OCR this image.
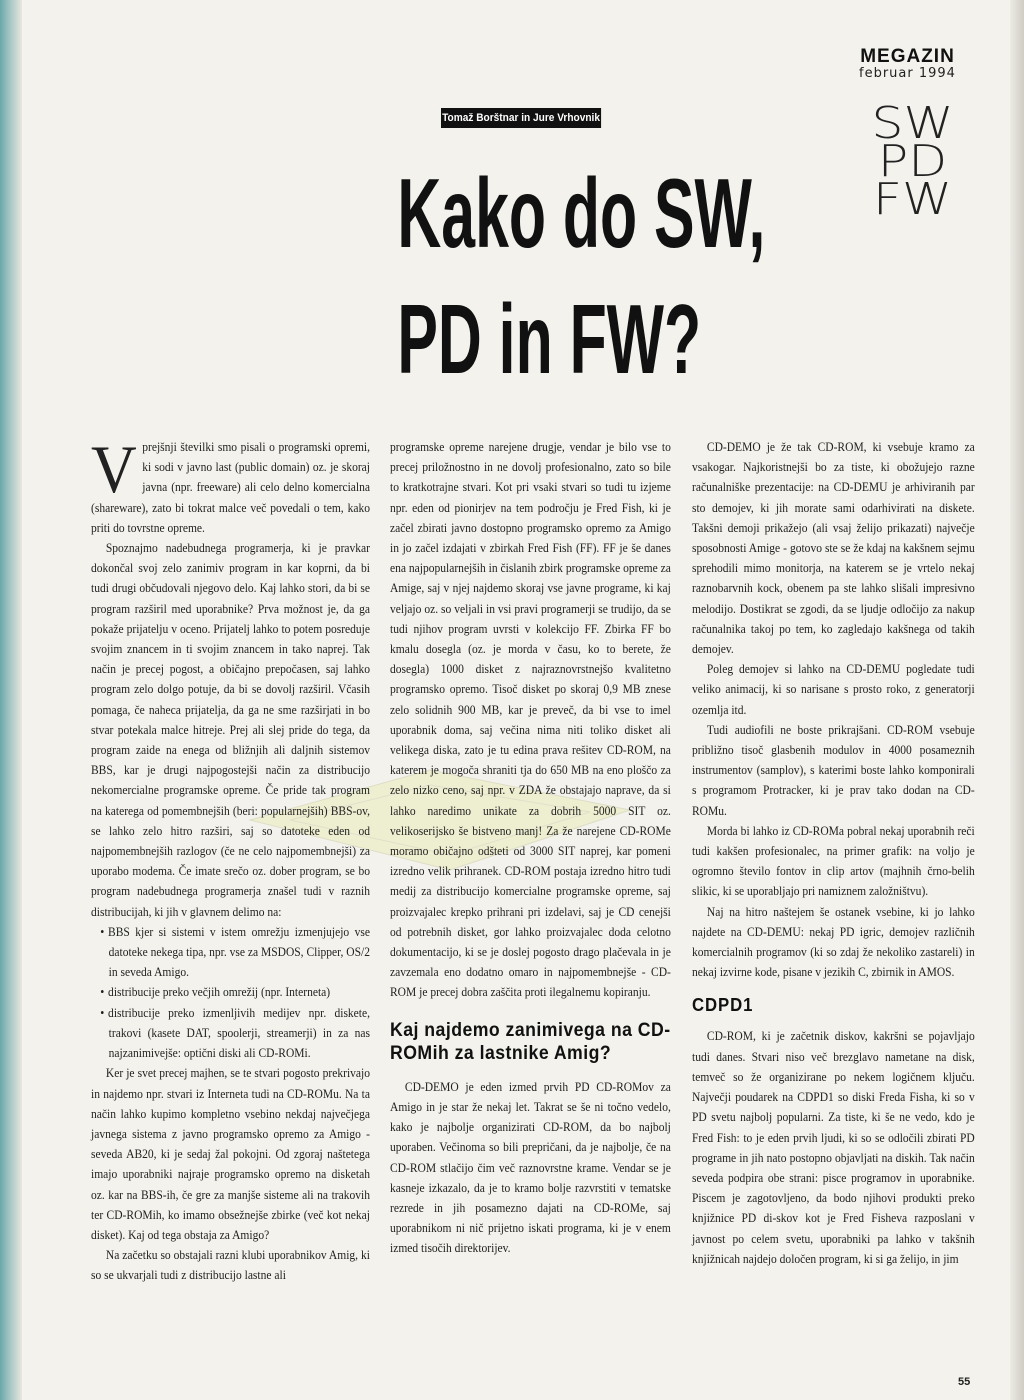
MEGAZIN
februar 1994
Tomaž Borštnar in Jure Vrhovnik
Kako do SW,
PD in FW?
SW
PD
FW

Vprejšnji številki smo pisali o programski opremi, ki sodi v javno last (public domain) oz. je skoraj javna (npr. freeware) ali celo delno komercialna (shareware), zato bi tokrat malce več povedali o tem, kako priti do tovrstne opreme.

Spoznajmo nadebudnega programerja, ki je pravkar dokončal svoj zelo zanimiv program in kar koprni, da bi tudi drugi občudovali njegovo delo. Kaj lahko stori, da bi se program razširil med uporabnike? Prva možnost je, da ga pokaže prijatelju v oceno. Prijatelj lahko to potem posreduje svojim znancem in ti svojim znancem in tako naprej. Tak način je precej pogost, a običajno prepočasen, saj lahko program zelo dolgo potuje, da bi se dovolj razširil. Včasih pomaga, če naheca prijatelja, da ga ne sme razširjati in bo stvar potekala malce hitreje. Prej ali slej pride do tega, da program zaide na enega od bližnjih ali daljnih sistemov BBS, kar je drugi najpogostejši način za distribucijo nekomercialne programske opreme. Če pride tak program na katerega od pomembnejših (beri: popularnejših) BBS-ov, se lahko zelo hitro razširi, saj so datoteke eden od najpomembnejših razlogov (če ne celo najpomembnejši) za uporabo modema. Če imate srečo oz. dober program, se bo program nadebudnega programerja znašel tudi v raznih distribucijah, ki jih v glavnem delimo na:

• BBS kjer si sistemi v istem omrežju izmenjujejo vse datoteke nekega tipa, npr. vse za MSDOS, Clipper, OS/2 in seveda Amigo.
• distribucije preko večjih omrežij (npr. Interneta)
• distribucije preko izmenljivih medijev npr. diskete, trakovi (kasete DAT, spoolerji, streamerji) in za nas najzanimivejše: optični diski ali CD-ROMi.

Ker je svet precej majhen, se te stvari pogosto prekrivajo in najdemo npr. stvari iz Interneta tudi na CD-ROMu. Na ta način lahko kupimo kompletno vsebino nekdaj največjega javnega sistema z javno programsko opremo za Amigo - seveda AB20, ki je sedaj žal pokojni. Od zgoraj naštetega imajo uporabniki najraje programsko opremo na disketah oz. kar na BBS-ih, če gre za manjše sisteme ali na trakovih ter CD-ROMih, ko imamo obsežnejše zbirke (več kot nekaj disket). Kaj od tega obstaja za Amigo?

Na začetku so obstajali razni klubi uporabnikov Amig, ki so se ukvarjali tudi z distribucijo lastne ali

programske opreme narejene drugje, vendar je bilo vse to precej priložnostno in ne dovolj profesionalno, zato so bile to kratkotrajne stvari. Kot pri vsaki stvari so tudi tu izjeme npr. eden od pionirjev na tem področju je Fred Fish, ki je začel zbirati javno dostopno programsko opremo za Amigo in jo začel izdajati v zbirkah Fred Fish (FF). FF je še danes ena najpopularnejših in čislanih zbirk programske opreme za Amige, saj v njej najdemo skoraj vse javne programe, ki kaj veljajo oz. so veljali in vsi pravi programerji se trudijo, da se tudi njihov program uvrsti v kolekcijo FF. Zbirka FF bo kmalu dosegla (oz. je morda v času, ko to berete, že dosegla) 1000 disket z najraznovrstnejšo kvalitetno programsko opremo. Tisoč disket po skoraj 0,9 MB znese zelo solidnih 900 MB, kar je preveč, da bi vse to imel uporabnik doma, saj večina nima niti toliko disket ali velikega diska, zato je tu edina prava rešitev CD-ROM, na katerem je mogoča shraniti tja do 650 MB na eno ploščo za zelo nizko ceno, saj npr. v ZDA že obstajajo naprave, da si lahko naredimo unikate za dobrih 5000 SIT oz. velikoserijsko še bistveno manj! Za že narejene CD-ROMe moramo običajno odšteti od 3000 SIT naprej, kar pomeni izredno velik prihranek. CD-ROM postaja izredno hitro tudi medij za distribucijo komercialne programske opreme, saj proizvajalec krepko prihrani pri izdelavi, saj je CD cenejši od potrebnih disket, gor lahko proizvajalec doda celotno dokumentacijo, ki se je doslej pogosto drago plačevala in je zavzemala eno dodatno omaro in najpomembnejše - CD-ROM je precej dobra zaščita proti ilegalnemu kopiranju.

Kaj najdemo zanimivega na CD-ROMih za lastnike Amig?

CD-DEMO je eden izmed prvih PD CD-ROMov za Amigo in je star že nekaj let. Takrat se še ni točno vedelo, kako je najbolje organizirati CD-ROM, da bo najbolj uporaben. Večinoma so bili prepričani, da je najbolje, če na CD-ROM stlačijo čim več raznovrstne krame. Vendar se je kasneje izkazalo, da je to kramo bolje razvrstiti v tematske rezrede in jih posamezno dajati na CD-ROMe, saj uporabnikom ni nič prijetno iskati programa, ki je v enem izmed tisočih direktorijev.

CD-DEMO je že tak CD-ROM, ki vsebuje kramo za vsakogar. Najkoristnejši bo za tiste, ki obožujejo razne računalniške prezentacije: na CD-DEMU je arhiviranih par sto demojev, ki jih morate sami odarhivirati na diskete. Takšni demoji prikažejo (ali vsaj želijo prikazati) največje sposobnosti Amige - gotovo ste se že kdaj na kakšnem sejmu sprehodili mimo monitorja, na katerem se je vrtelo nekaj raznobarvnih kock, obenem pa ste lahko slišali impresivno melodijo. Dostikrat se zgodi, da se ljudje odločijo za nakup računalnika takoj po tem, ko zagledajo kakšnega od takih demojev.

Poleg demojev si lahko na CD-DEMU pogledate tudi veliko animacij, ki so narisane s prosto roko, z generatorji ozemlja itd.

Tudi audiofili ne boste prikrajšani. CD-ROM vsebuje približno tisoč glasbenih modulov in 4000 posameznih instrumentov (samplov), s katerimi boste lahko komponirali s programom Protracker, ki je prav tako dodan na CD-ROMu.

Morda bi lahko iz CD-ROMa pobral nekaj uporabnih reči tudi kakšen profesionalec, na primer grafik: na voljo je ogromno število fontov in clip artov (majhnih črno-belih slikic, ki se uporabljajo pri namiznem založništvu).

Naj na hitro naštejem še ostanek vsebine, ki jo lahko najdete na CD-DEMU: nekaj PD igric, demojev različnih komercialnih programov (ki so zdaj že nekoliko zastareli) in nekaj izvirne kode, pisane v jezikih C, zbirnik in AMOS.

CDPD1

CD-ROM, ki je začetnik diskov, kakršni se pojavljajo tudi danes. Stvari niso več brezglavo nametane na disk, temveč so že organizirane po nekem logičnem ključu. Največji poudarek na CDPD1 so diski Freda Fisha, ki so v PD svetu najbolj popularni. Za tiste, ki še ne vedo, kdo je Fred Fish: to je eden prvih ljudi, ki so se odločili zbirati PD programe in jih nato postopno objavljati na diskih. Tak način seveda podpira obe strani: pisce programov in uporabnike. Piscem je zagotovljeno, da bodo njihovi produkti preko knjižnice PD di-skov kot je Fred Fisheva razposlani v javnost po celem svetu, uporabniki pa lahko v takšnih knjižnicah najdejo določen program, ki si ga želijo, in jim

55
